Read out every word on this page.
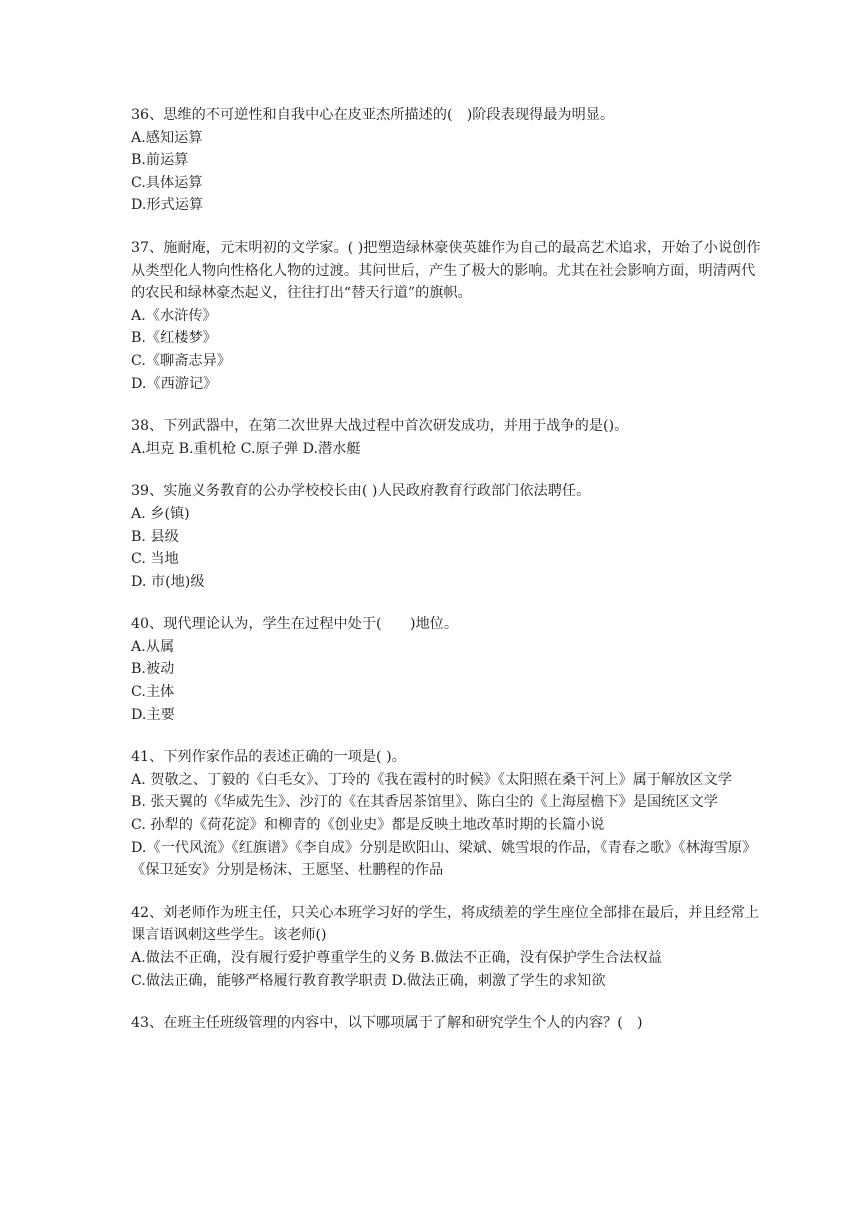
36、思维的不可逆性和自我中心在皮亚杰所描述的(　)阶段表现得最为明显。

A.感知运算

B.前运算

C.具体运算

D.形式运算

37、施耐庵，元末明初的文学家。( )把塑造绿林豪侠英雄作为自己的最高艺术追求，开始了小说创作从类型化人物向性格化人物的过渡。其问世后，产生了极大的影响。尤其在社会影响方面，明清两代的农民和绿林豪杰起义，往往打出“替天行道”的旗帜。

A.《水浒传》

B.《红楼梦》

C.《聊斋志异》

D.《西游记》

38、下列武器中，在第二次世界大战过程中首次研发成功，并用于战争的是()。

A.坦克 B.重机枪 C.原子弹 D.潜水艇

39、实施义务教育的公办学校校长由( )人民政府教育行政部门依法聘任。

A. 乡(镇)

B. 县级

C. 当地

D. 市(地)级

40、现代理论认为，学生在过程中处于(　　)地位。

A.从属

B.被动

C.主体

D.主要

41、下列作家作品的表述正确的一项是( )。

A. 贺敬之、丁毅的《白毛女》、丁玲的《我在霞村的时候》《太阳照在桑干河上》属于解放区文学

B. 张天翼的《华威先生》、沙汀的《在其香居茶馆里》、陈白尘的《上海屋檐下》是国统区文学

C. 孙犁的《荷花淀》和柳青的《创业史》都是反映土地改革时期的长篇小说

D.《一代风流》《红旗谱》《李自成》分别是欧阳山、梁斌、姚雪垠的作品，《青春之歌》《林海雪原》《保卫延安》分别是杨沫、王愿坚、杜鹏程的作品

42、刘老师作为班主任，只关心本班学习好的学生，将成绩差的学生座位全部排在最后，并且经常上课言语讽刺这些学生。该老师()

A.做法不正确，没有履行爱护尊重学生的义务 B.做法不正确，没有保护学生合法权益

C.做法正确，能够严格履行教育教学职责 D.做法正确，刺激了学生的求知欲

43、在班主任班级管理的内容中，以下哪项属于了解和研究学生个人的内容？(　)
